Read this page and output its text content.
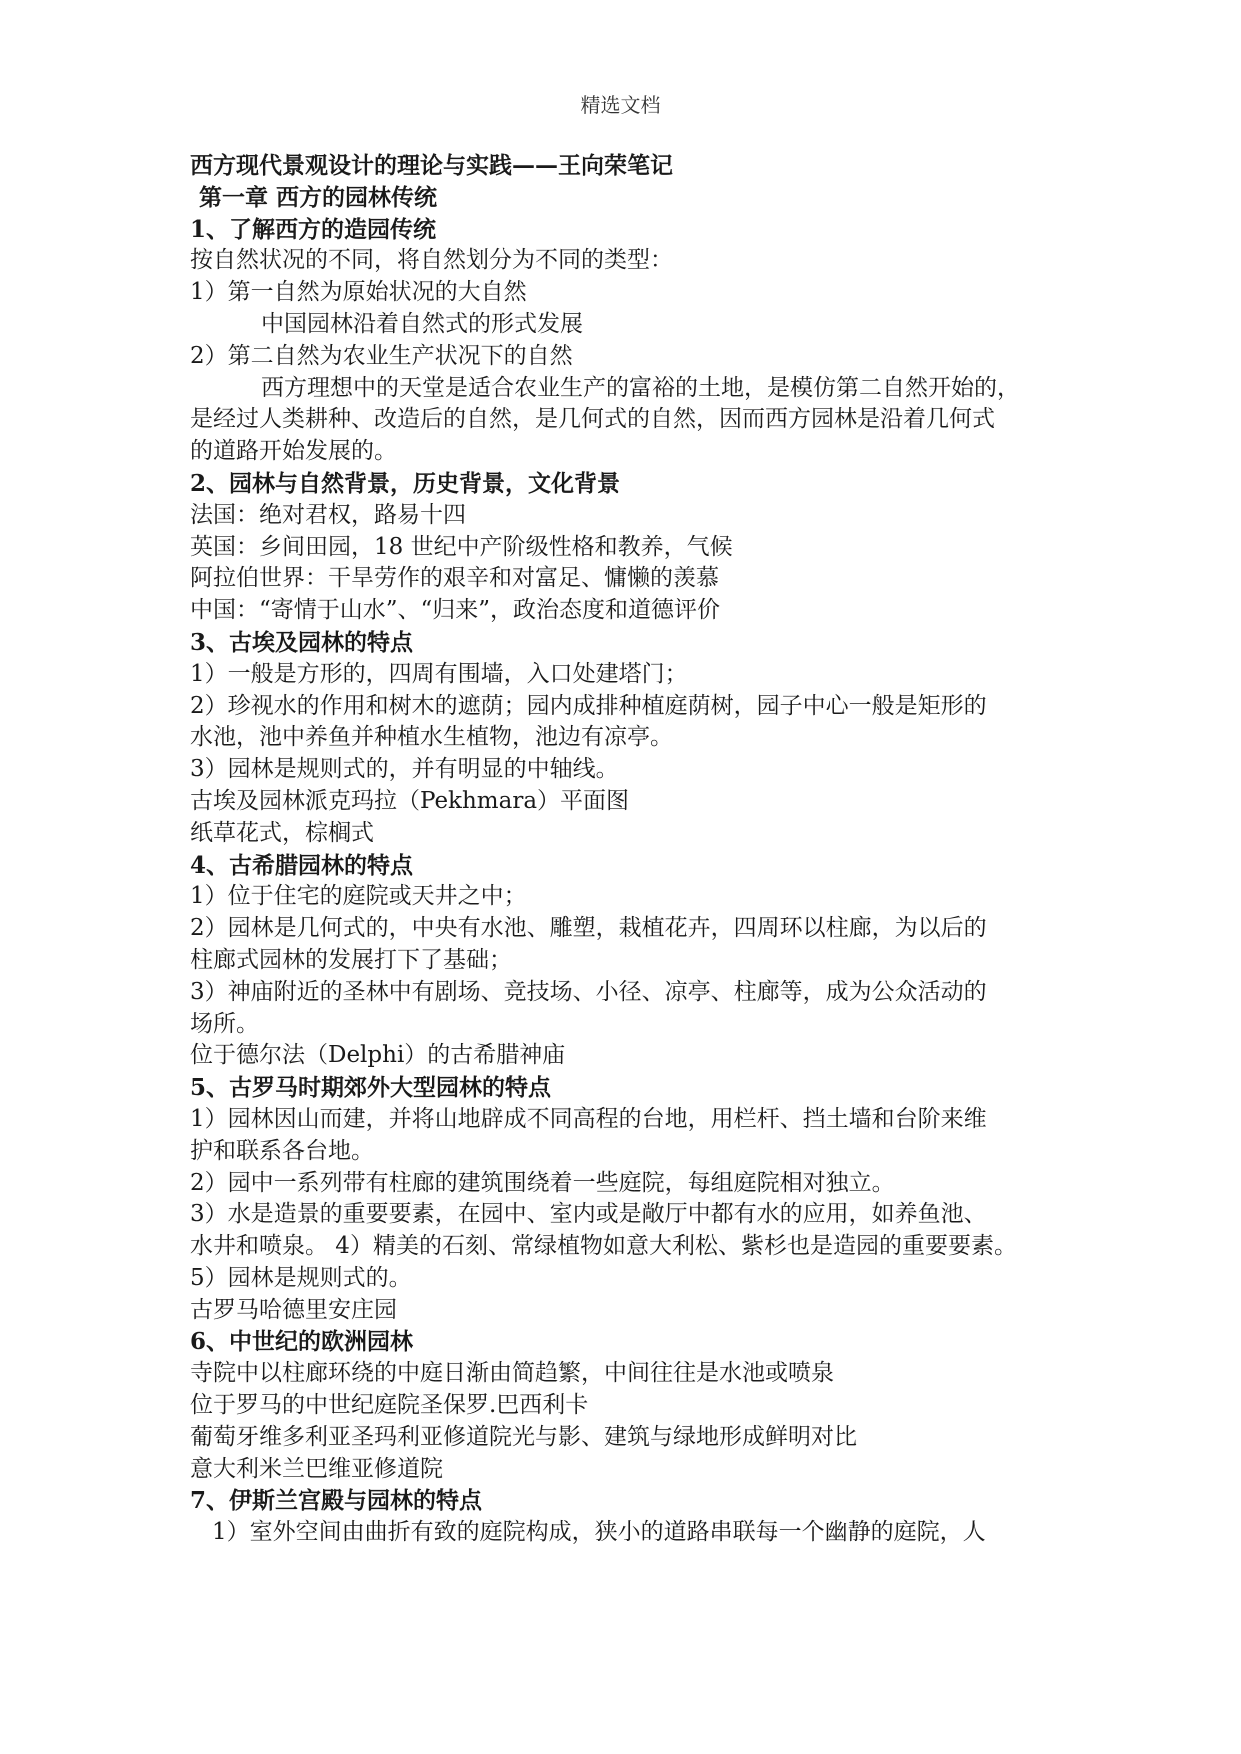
精选文档
西方现代景观设计的理论与实践——王向荣笔记
第一章 西方的园林传统
1、了解西方的造园传统
按自然状况的不同，将自然划分为不同的类型：
1）第一自然为原始状况的大自然
中国园林沿着自然式的形式发展
2）第二自然为农业生产状况下的自然
西方理想中的天堂是适合农业生产的富裕的土地，是模仿第二自然开始的，
是经过人类耕种、改造后的自然，是几何式的自然，因而西方园林是沿着几何式
的道路开始发展的。
2、园林与自然背景，历史背景，文化背景
法国：绝对君权，路易十四
英国：乡间田园，18 世纪中产阶级性格和教养，气候
阿拉伯世界：干旱劳作的艰辛和对富足、慵懒的羡慕
中国：“寄情于山水”、“归来”，政治态度和道德评价
3、古埃及园林的特点
1）一般是方形的，四周有围墙，入口处建塔门；
2）珍视水的作用和树木的遮荫；园内成排种植庭荫树，园子中心一般是矩形的
水池，池中养鱼并种植水生植物，池边有凉亭。
3）园林是规则式的，并有明显的中轴线。
古埃及园林派克玛拉（Pekhmara）平面图
纸草花式，棕榈式
4、古希腊园林的特点
1）位于住宅的庭院或天井之中；
2）园林是几何式的，中央有水池、雕塑，栽植花卉，四周环以柱廊，为以后的
柱廊式园林的发展打下了基础；
3）神庙附近的圣林中有剧场、竞技场、小径、凉亭、柱廊等，成为公众活动的
场所。
位于德尔法（Delphi）的古希腊神庙
5、古罗马时期郊外大型园林的特点
1）园林因山而建，并将山地辟成不同高程的台地，用栏杆、挡土墙和台阶来维
护和联系各台地。
2）园中一系列带有柱廊的建筑围绕着一些庭院，每组庭院相对独立。
3）水是造景的重要要素，在园中、室内或是敞厅中都有水的应用，如养鱼池、
水井和喷泉。 4）精美的石刻、常绿植物如意大利松、紫杉也是造园的重要要素。
5）园林是规则式的。
古罗马哈德里安庄园
6、中世纪的欧洲园林
寺院中以柱廊环绕的中庭日渐由简趋繁，中间往往是水池或喷泉
位于罗马的中世纪庭院圣保罗.巴西利卡
葡萄牙维多利亚圣玛利亚修道院光与影、建筑与绿地形成鲜明对比
意大利米兰巴维亚修道院
7、伊斯兰宫殿与园林的特点
1）室外空间由曲折有致的庭院构成，狭小的道路串联每一个幽静的庭院，人
